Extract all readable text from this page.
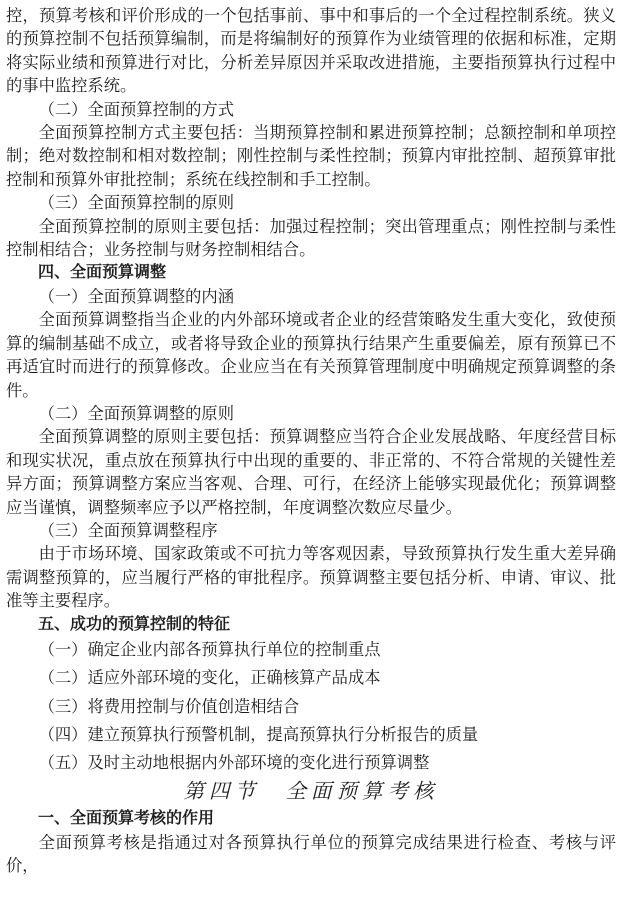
控，预算考核和评价形成的一个包括事前、事中和事后的一个全过程控制系统。狭义的预算控制不包括预算编制，而是将编制好的预算作为业绩管理的依据和标准，定期将实际业绩和预算进行对比，分析差异原因并采取改进措施，主要指预算执行过程中的事中监控系统。

（二）全面预算控制的方式

全面预算控制方式主要包括：当期预算控制和累进预算控制；总额控制和单项控制；绝对数控制和相对数控制；刚性控制与柔性控制；预算内审批控制、超预算审批控制和预算外审批控制；系统在线控制和手工控制。

（三）全面预算控制的原则

全面预算控制的原则主要包括：加强过程控制；突出管理重点；刚性控制与柔性控制相结合；业务控制与财务控制相结合。

四、全面预算调整

（一）全面预算调整的内涵

全面预算调整指当企业的内外部环境或者企业的经营策略发生重大变化，致使预算的编制基础不成立，或者将导致企业的预算执行结果产生重要偏差，原有预算已不再适宜时而进行的预算修改。企业应当在有关预算管理制度中明确规定预算调整的条件。

（二）全面预算调整的原则

全面预算调整的原则主要包括：预算调整应当符合企业发展战略、年度经营目标和现实状况，重点放在预算执行中出现的重要的、非正常的、不符合常规的关键性差异方面；预算调整方案应当客观、合理、可行，在经济上能够实现最优化；预算调整应当谨慎，调整频率应予以严格控制，年度调整次数应尽量少。

（三）全面预算调整程序

由于市场环境、国家政策或不可抗力等客观因素，导致预算执行发生重大差异确需调整预算的，应当履行严格的审批程序。预算调整主要包括分析、申请、审议、批准等主要程序。

五、成功的预算控制的特征

（一）确定企业内部各预算执行单位的控制重点

（二）适应外部环境的变化，正确核算产品成本

（三）将费用控制与价值创造相结合

（四）建立预算执行预警机制，提高预算执行分析报告的质量

（五）及时主动地根据内外部环境的变化进行预算调整

第四节　全面预算考核

一、全面预算考核的作用

全面预算考核是指通过对各预算执行单位的预算完成结果进行检查、考核与评价，
